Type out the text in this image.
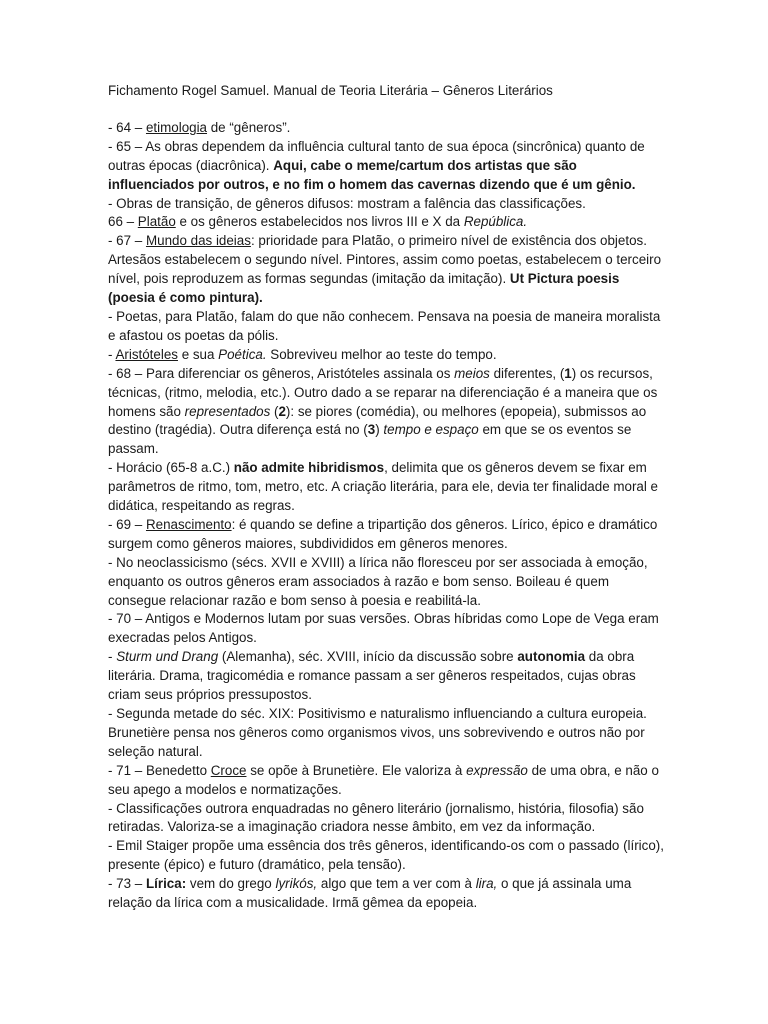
Fichamento Rogel Samuel. Manual de Teoria Literária – Gêneros Literários

- 64 – etimologia de “gêneros”.

- 65 – As obras dependem da influência cultural tanto de sua época (sincrônica) quanto de outras épocas (diacrônica). Aqui, cabe o meme/cartum dos artistas que são influenciados por outros, e no fim o homem das cavernas dizendo que é um gênio.

- Obras de transição, de gêneros difusos: mostram a falência das classificações.

66 – Platão e os gêneros estabelecidos nos livros III e X da República.

- 67 – Mundo das ideias: prioridade para Platão, o primeiro nível de existência dos objetos. Artesãos estabelecem o segundo nível. Pintores, assim como poetas, estabelecem o terceiro nível, pois reproduzem as formas segundas (imitação da imitação). Ut Pictura poesis (poesia é como pintura).

- Poetas, para Platão, falam do que não conhecem. Pensava na poesia de maneira moralista e afastou os poetas da pólis.

- Aristóteles e sua Poética. Sobreviveu melhor ao teste do tempo.

- 68 – Para diferenciar os gêneros, Aristóteles assinala os meios diferentes, (1) os recursos, técnicas, (ritmo, melodia, etc.). Outro dado a se reparar na diferenciação é a maneira que os homens são representados (2): se piores (comédia), ou melhores (epopeia), submissos ao destino (tragédia). Outra diferença está no (3) tempo e espaço em que se os eventos se passam.

- Horácio (65-8 a.C.) não admite hibridismos, delimita que os gêneros devem se fixar em parâmetros de ritmo, tom, metro, etc. A criação literária, para ele, devia ter finalidade moral e didática, respeitando as regras.

- 69 – Renascimento: é quando se define a tripartição dos gêneros. Lírico, épico e dramático surgem como gêneros maiores, subdivididos em gêneros menores.

- No neoclassicismo (sécs. XVII e XVIII) a lírica não floresceu por ser associada à emoção, enquanto os outros gêneros eram associados à razão e bom senso. Boileau é quem consegue relacionar razão e bom senso à poesia e reabilitá-la.

- 70 – Antigos e Modernos lutam por suas versões. Obras híbridas como Lope de Vega eram execradas pelos Antigos.

- Sturm und Drang (Alemanha), séc. XVIII, início da discussão sobre autonomia da obra literária. Drama, tragicomédia e romance passam a ser gêneros respeitados, cujas obras criam seus próprios pressupostos.

- Segunda metade do séc. XIX: Positivismo e naturalismo influenciando a cultura europeia. Brunetière pensa nos gêneros como organismos vivos, uns sobrevivendo e outros não por seleção natural.

- 71 – Benedetto Croce se opõe à Brunetière. Ele valoriza à expressão de uma obra, e não o seu apego a modelos e normatizações.

- Classificações outrora enquadradas no gênero literário (jornalismo, história, filosofia) são retiradas. Valoriza-se a imaginação criadora nesse âmbito, em vez da informação.

- Emil Staiger propõe uma essência dos três gêneros, identificando-os com o passado (lírico), presente (épico) e futuro (dramático, pela tensão).

- 73 – Lírica: vem do grego lyrikós, algo que tem a ver com à lira, o que já assinala uma relação da lírica com a musicalidade. Irmã gêmea da epopeia.
